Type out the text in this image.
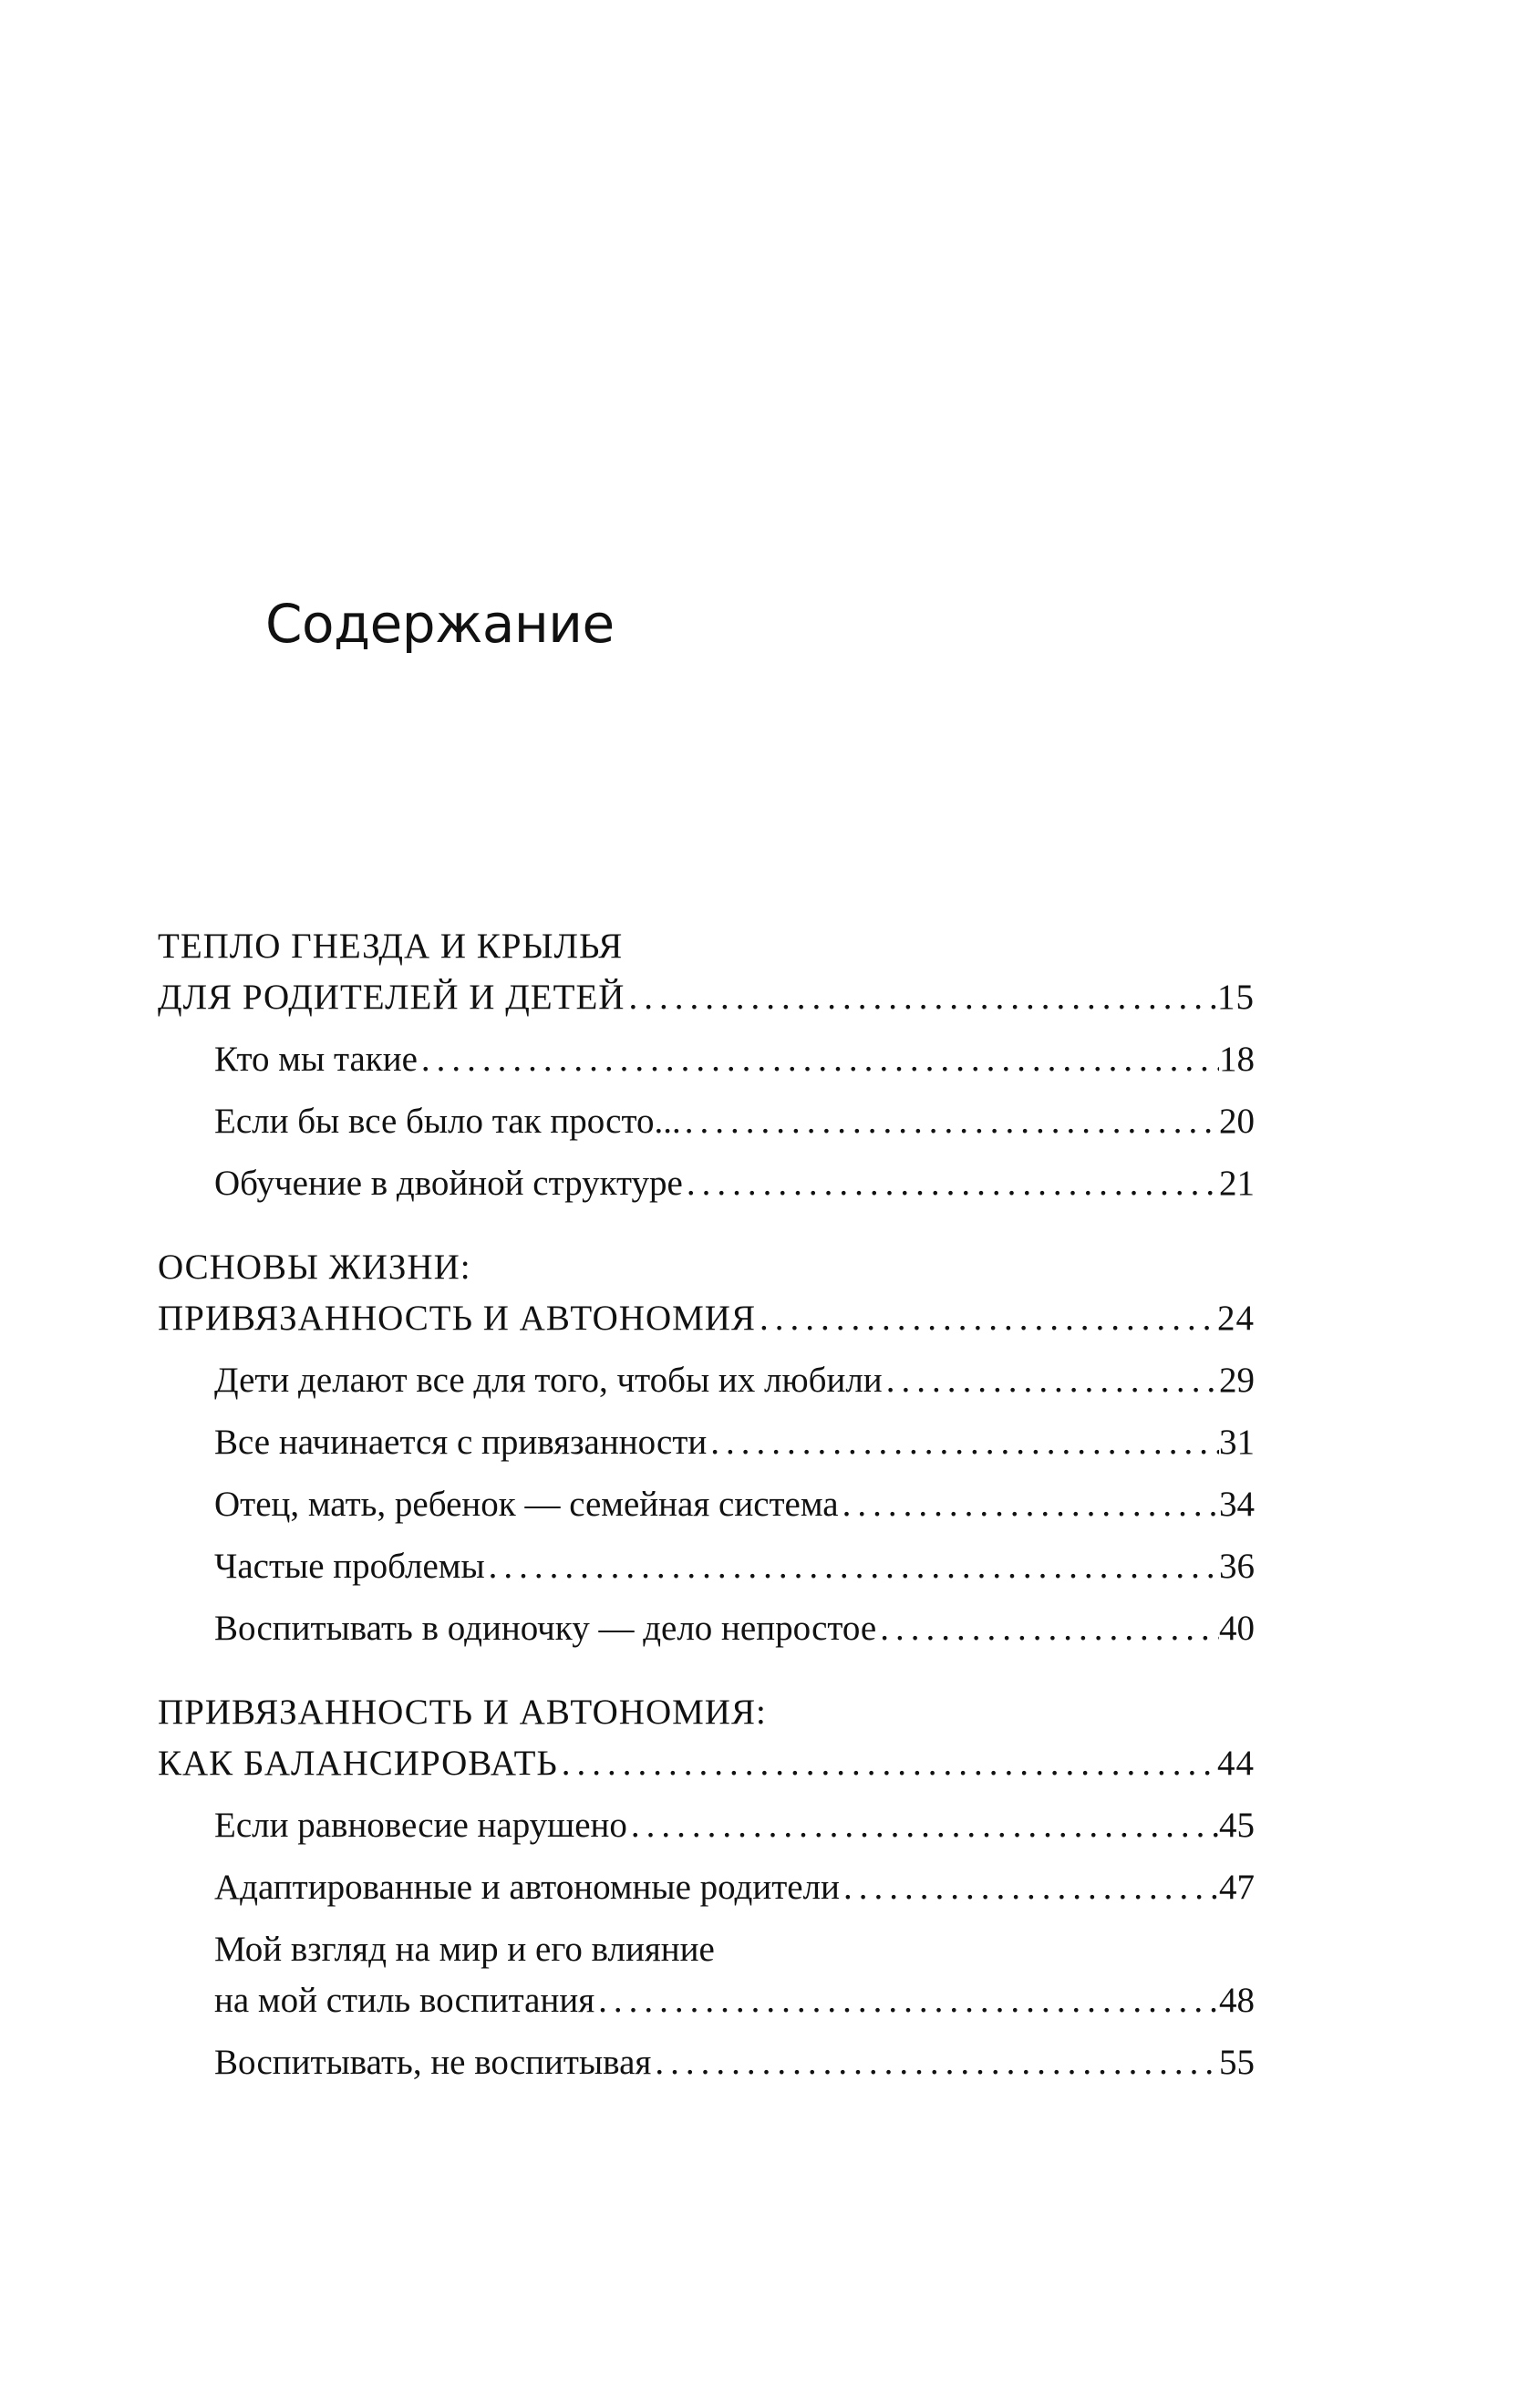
Содержание
ТЕПЛО ГНЕЗДА И КРЫЛЬЯ
ДЛЯ РОДИТЕЛЕЙ И ДЕТЕЙ .....	15
Кто мы такие .....	18
Если бы все было так просто... .....	20
Обучение в двойной структуре .....	21
ОСНОВЫ ЖИЗНИ:
ПРИВЯЗАННОСТЬ И АВТОНОМИЯ .....	24
Дети делают все для того, чтобы их любили .....	29
Все начинается с привязанности .....	31
Отец, мать, ребенок — семейная система .....	34
Частые проблемы .....	36
Воспитывать в одиночку — дело непростое .....	40
ПРИВЯЗАННОСТЬ И АВТОНОМИЯ:
КАК БАЛАНСИРОВАТЬ .....	44
Если равновесие нарушено .....	45
Адаптированные и автономные родители .....	47
Мой взгляд на мир и его влияние
на мой стиль воспитания .....	48
Воспитывать, не воспитывая .....	55
